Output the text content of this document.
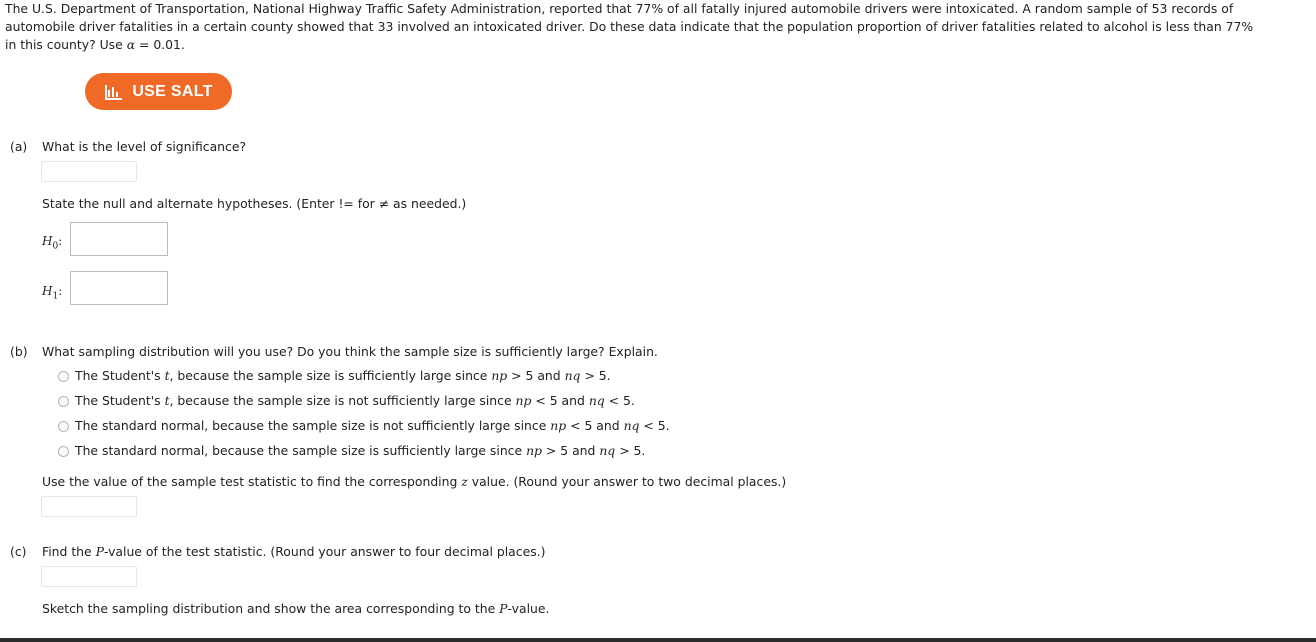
The U.S. Department of Transportation, National Highway Traffic Safety Administration, reported that 77% of all fatally injured automobile drivers were intoxicated. A random sample of 53 records of
automobile driver fatalities in a certain county showed that 33 involved an intoxicated driver. Do these data indicate that the population proportion of driver fatalities related to alcohol is less than 77%
in this county? Use α = 0.01.
USE SALT
(a) What is the level of significance?
State the null and alternate hypotheses. (Enter != for ≠ as needed.)
$H_0$:
$H_1$:
(b) What sampling distribution will you use? Do you think the sample size is sufficiently large? Explain.
The Student's t, because the sample size is sufficiently large since np > 5 and nq > 5.
The Student's t, because the sample size is not sufficiently large since np < 5 and nq < 5.
The standard normal, because the sample size is not sufficiently large since np < 5 and nq < 5.
The standard normal, because the sample size is sufficiently large since np > 5 and nq > 5.
Use the value of the sample test statistic to find the corresponding z value. (Round your answer to two decimal places.)
(c) Find the P-value of the test statistic. (Round your answer to four decimal places.)
Sketch the sampling distribution and show the area corresponding to the P-value.
